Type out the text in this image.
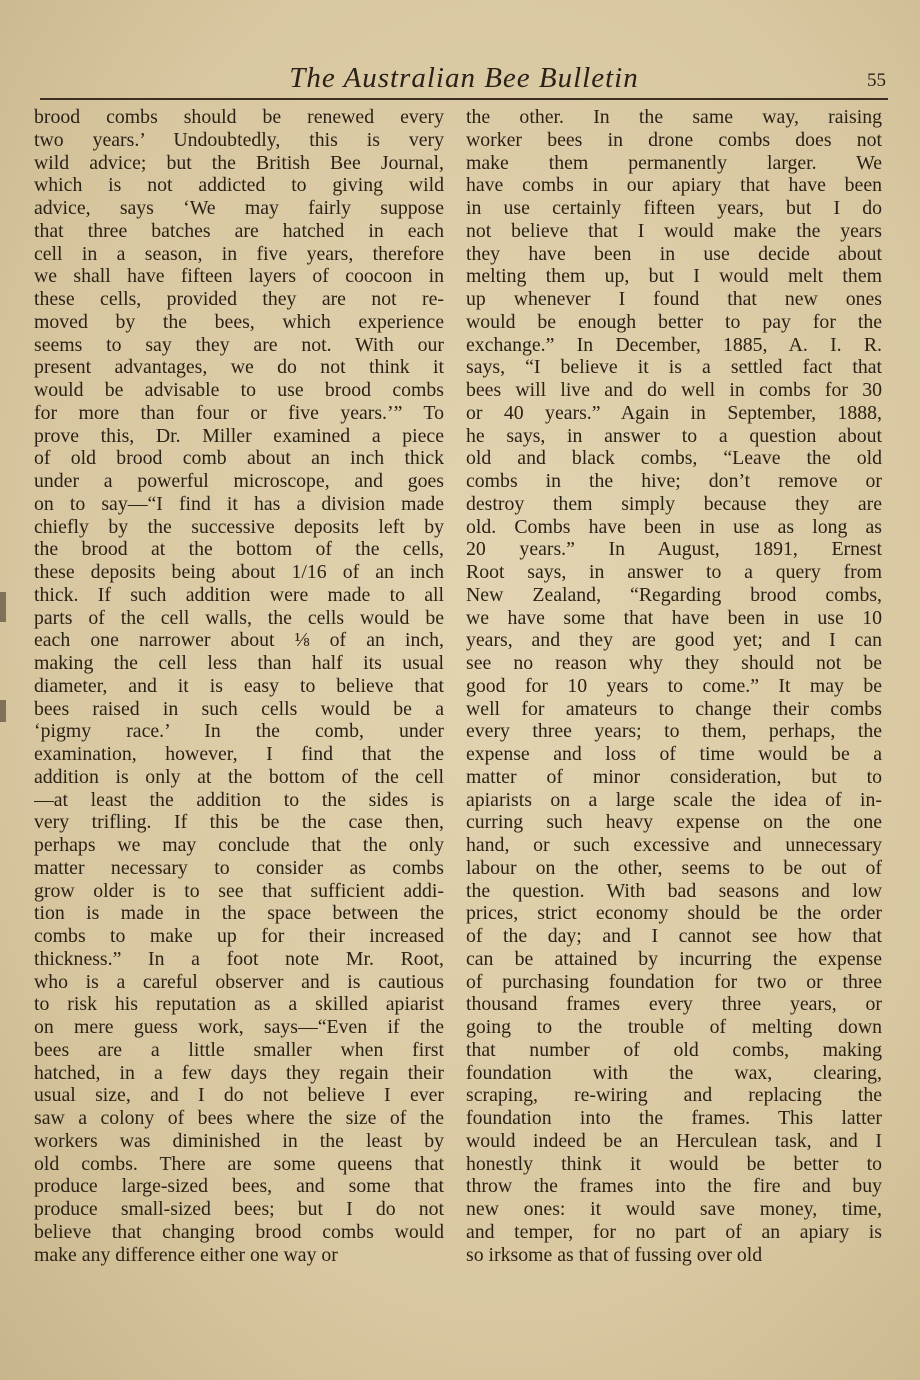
The Australian Bee Bulletin	55
brood combs should be renewed every
two years.’ Undoubtedly, this is very
wild advice; but the British Bee Journal,
which is not addicted to giving wild
advice, says ‘We may fairly suppose
that three batches are hatched in each
cell in a season, in five years, therefore
we shall have fifteen layers of coocoon in
these cells, provided they are not re-
moved by the bees, which experience
seems to say they are not. With our
present advantages, we do not think it
would be advisable to use brood combs
for more than four or five years.’” To
prove this, Dr. Miller examined a piece
of old brood comb about an inch thick
under a powerful microscope, and goes
on to say—“I find it has a division made
chiefly by the successive deposits left by
the brood at the bottom of the cells,
these deposits being about 1/16 of an inch
thick. If such addition were made to all
parts of the cell walls, the cells would be
each one narrower about ⅛ of an inch,
making the cell less than half its usual
diameter, and it is easy to believe that
bees raised in such cells would be a
‘pigmy race.’ In the comb, under
examination, however, I find that the
addition is only at the bottom of the cell
—at least the addition to the sides is
very trifling. If this be the case then,
perhaps we may conclude that the only
matter necessary to consider as combs
grow older is to see that sufficient addi-
tion is made in the space between the
combs to make up for their increased
thickness.” In a foot note Mr. Root,
who is a careful observer and is cautious
to risk his reputation as a skilled apiarist
on mere guess work, says—“Even if the
bees are a little smaller when first
hatched, in a few days they regain their
usual size, and I do not believe I ever
saw a colony of bees where the size of the
workers was diminished in the least by
old combs. There are some queens that
produce large-sized bees, and some that
produce small-sized bees; but I do not
believe that changing brood combs would
make any difference either one way or
the other. In the same way, raising
worker bees in drone combs does not
make them permanently larger. We
have combs in our apiary that have been
in use certainly fifteen years, but I do
not believe that I would make the years
they have been in use decide about
melting them up, but I would melt them
up whenever I found that new ones
would be enough better to pay for the
exchange.” In December, 1885, A. I. R.
says, “I believe it is a settled fact that
bees will live and do well in combs for 30
or 40 years.” Again in September, 1888,
he says, in answer to a question about
old and black combs, “Leave the old
combs in the hive; don’t remove or
destroy them simply because they are
old. Combs have been in use as long as
20 years.” In August, 1891, Ernest
Root says, in answer to a query from
New Zealand, “Regarding brood combs,
we have some that have been in use 10
years, and they are good yet; and I can
see no reason why they should not be
good for 10 years to come.” It may be
well for amateurs to change their combs
every three years; to them, perhaps, the
expense and loss of time would be a
matter of minor consideration, but to
apiarists on a large scale the idea of in-
curring such heavy expense on the one
hand, or such excessive and unnecessary
labour on the other, seems to be out of
the question. With bad seasons and low
prices, strict economy should be the order
of the day; and I cannot see how that
can be attained by incurring the expense
of purchasing foundation for two or three
thousand frames every three years, or
going to the trouble of melting down
that number of old combs, making
foundation with the wax, clearing,
scraping, re-wiring and replacing the
foundation into the frames. This latter
would indeed be an Herculean task, and I
honestly think it would be better to
throw the frames into the fire and buy
new ones: it would save money, time,
and temper, for no part of an apiary is
so irksome as that of fussing over old
